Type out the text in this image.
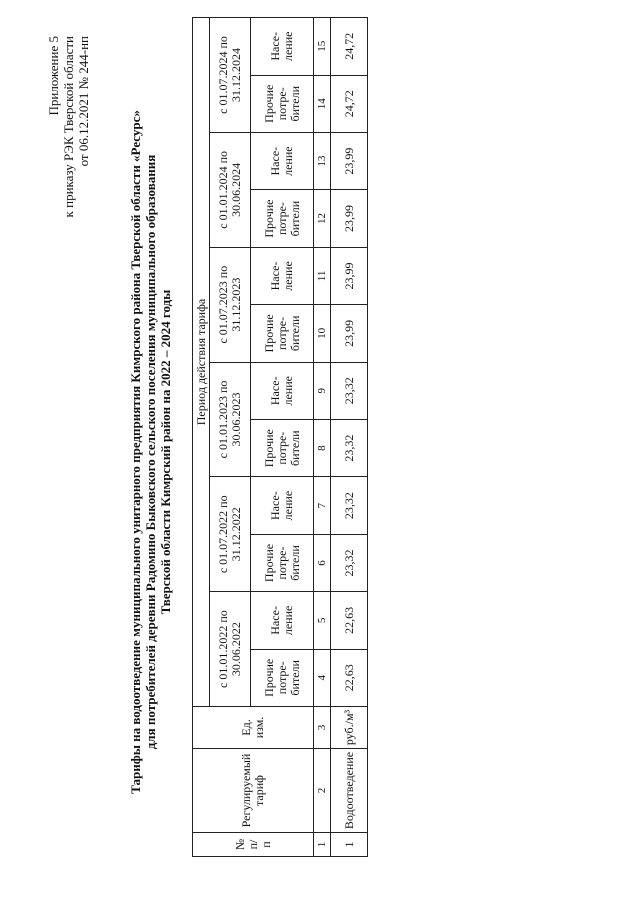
Приложение 5 к приказу РЭК Тверской области от 06.12.2021 № 244-нп
Тарифы на водоотведение муниципального унитарного предприятия Кимрского района Тверской области «Ресурс» для потребителей деревни Радомино Быковского сельского поселения муниципального образования Тверской области Кимрский район на 2022 – 2024 годы
№ п/ п	Регулируемый тариф	Ед. изм.	Период действия тарифа											
			с 01.01.2022 по 30.06.2022		с 01.07.2022 по 31.12.2022		с 01.01.2023 по 30.06.2023		с 01.07.2023 по 31.12.2023		с 01.01.2024 по 30.06.2024		с 01.07.2024 по 31.12.2024	
			Прочие потре- бители	Насе- ление	Прочие потре- бители	Насе- ление	Прочие потре- бители	Насе- ление	Прочие потре- бители	Насе- ление	Прочие потре- бители	Насе- ление	Прочие потре- бители	Насе- ление
1	2	3	4	5	6	7	8	9	10	11	12	13	14	15
1	Водоотведение	руб./м³	22,63	22,63	23,32	23,32	23,32	23,32	23,99	23,99	23,99	23,99	24,72	24,72
